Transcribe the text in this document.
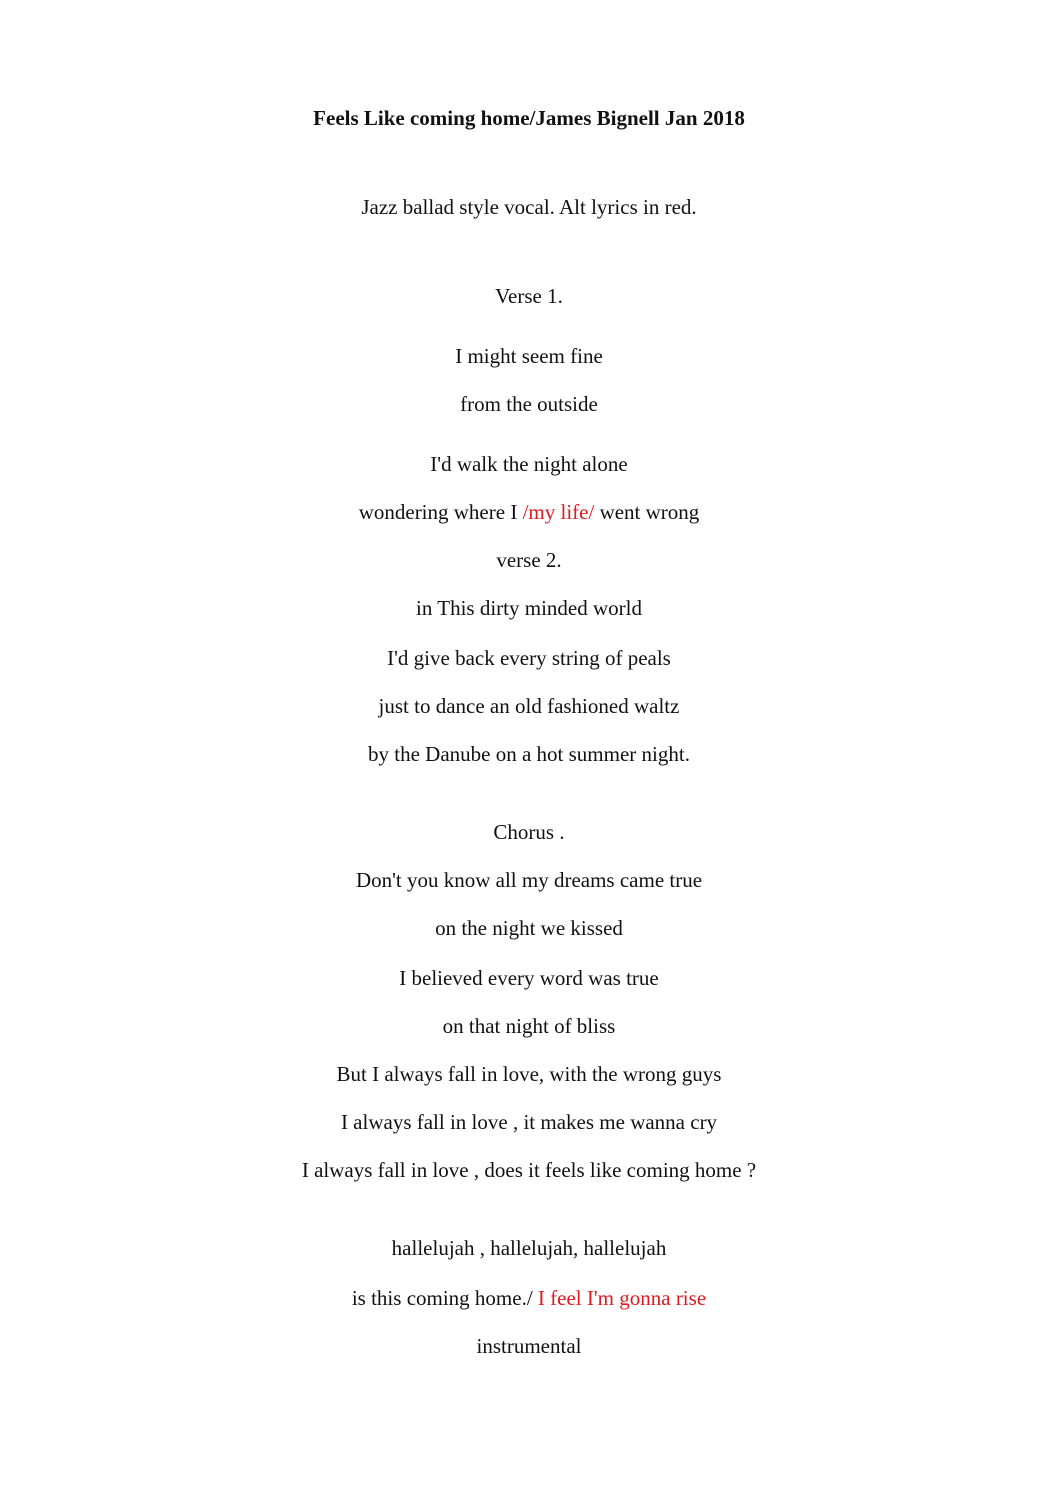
Feels Like coming home/James Bignell Jan 2018
Jazz ballad style vocal. Alt lyrics in red.
Verse 1.
I might seem fine
from the outside
I'd walk the night alone
wondering where I /my life/ went wrong
verse 2.
in This dirty minded world
I'd give back every string of peals
just to dance an old fashioned waltz
by the Danube on a hot summer night.
Chorus .
Don't you know all my dreams came true
on the night we kissed
I believed every word was true
on that night of bliss
But I always fall in love, with the wrong guys
I always fall in love , it makes me wanna cry
I always fall in love , does it feels like coming home ?
hallelujah , hallelujah, hallelujah
is this coming home./ I feel I'm gonna rise
instrumental
